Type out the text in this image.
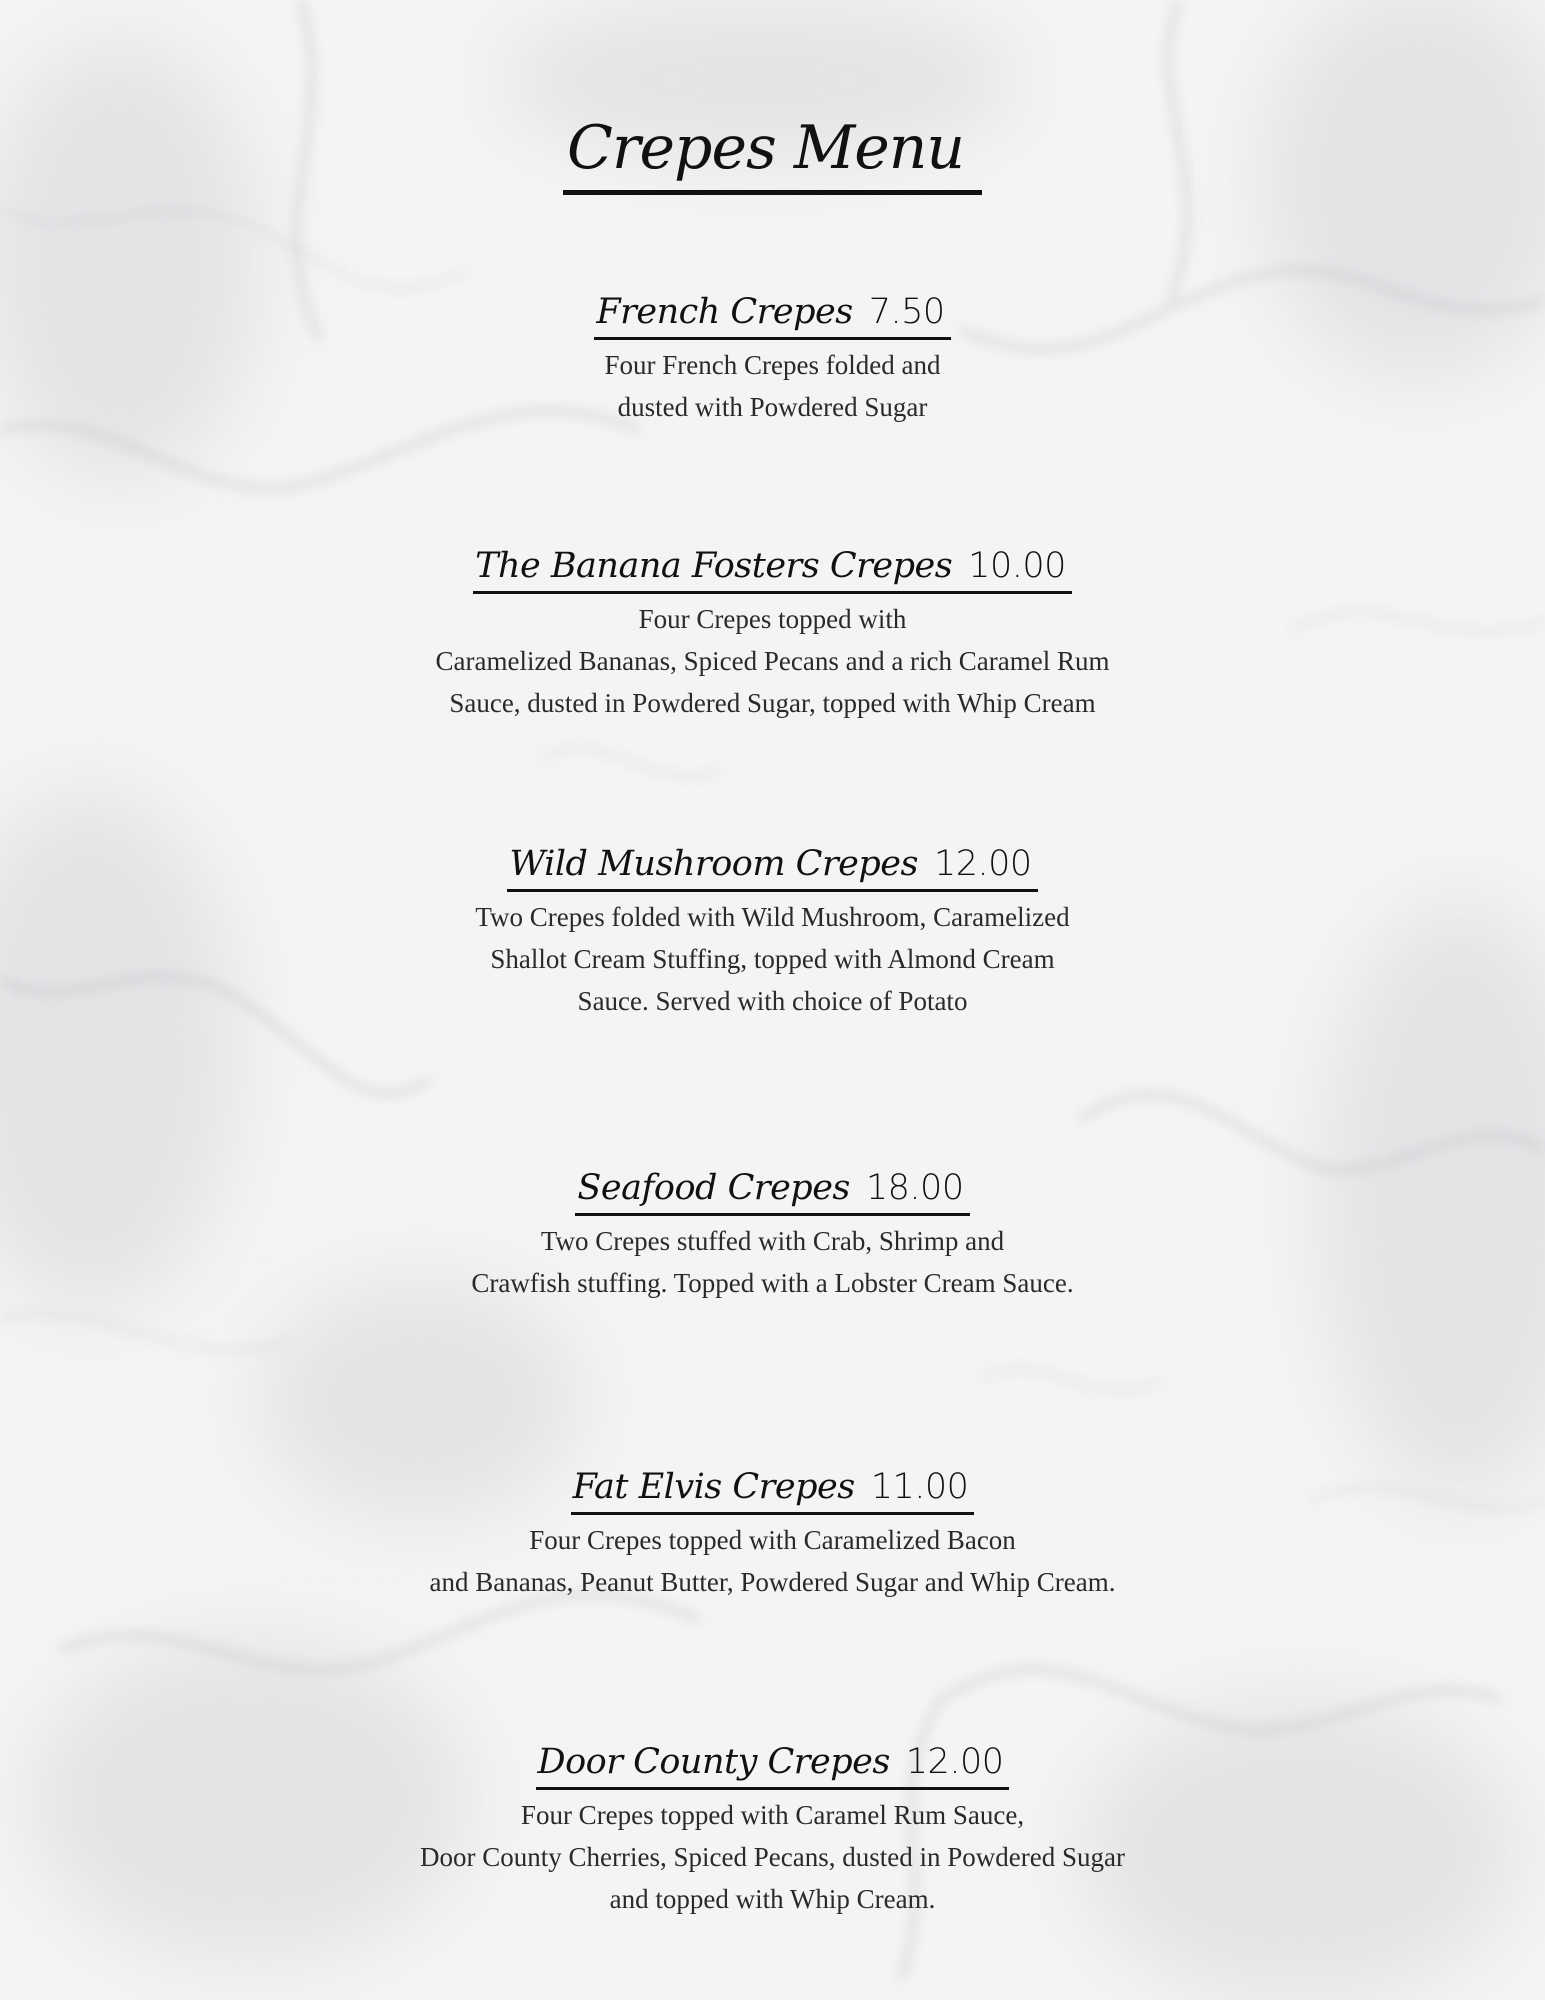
Crepes Menu
French Crepes 7.50
Four French Crepes folded and
dusted with Powdered Sugar
The Banana Fosters Crepes 10.00
Four Crepes topped with
Caramelized Bananas, Spiced Pecans and a rich Caramel Rum
Sauce, dusted in Powdered Sugar, topped with Whip Cream
Wild Mushroom Crepes 12.00
Two Crepes folded with Wild Mushroom, Caramelized
Shallot Cream Stuffing, topped with Almond Cream
Sauce. Served with choice of Potato
Seafood Crepes 18.00
Two Crepes stuffed with Crab, Shrimp and
Crawfish stuffing. Topped with a Lobster Cream Sauce.
Fat Elvis Crepes 11.00
Four Crepes topped with Caramelized Bacon
and Bananas, Peanut Butter, Powdered Sugar and Whip Cream.
Door County Crepes 12.00
Four Crepes topped with Caramel Rum Sauce,
Door County Cherries, Spiced Pecans, dusted in Powdered Sugar
and topped with Whip Cream.
